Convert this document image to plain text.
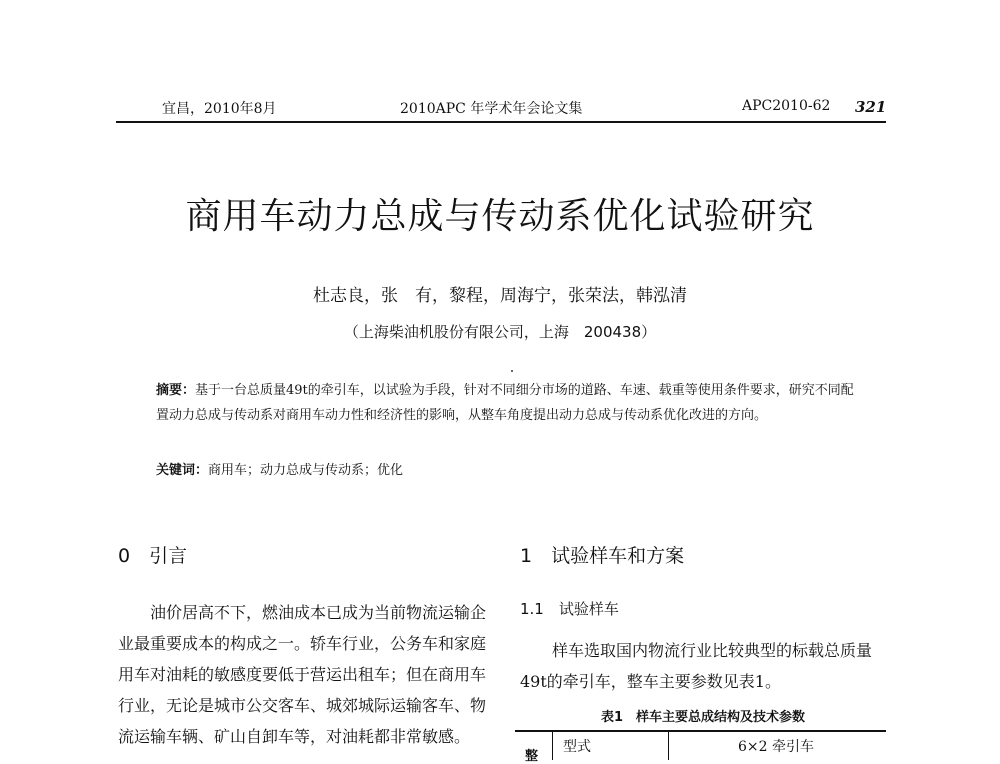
宜昌，2010年8月	2010APC 年学术年会论文集	APC2010-62 321
商用车动力总成与传动系优化试验研究
杜志良，张　有，黎程，周海宁，张荣法，韩泓清
（上海柴油机股份有限公司，上海　200438）
摘要：基于一台总质量49t的牵引车，以试验为手段，针对不同细分市场的道路、车速、载重等使用条件要求，研究不同配置动力总成与传动系对商用车动力性和经济性的影响，从整车角度提出动力总成与传动系优化改进的方向。
关键词：商用车；动力总成与传动系；优化
0　引言
油价居高不下，燃油成本已成为当前物流运输企业最重要成本的构成之一。轿车行业，公务车和家庭用车对油耗的敏感度要低于营运出租车；但在商用车行业，无论是城市公交客车、城郊城际运输客车、物流运输车辆、矿山自卸车等，对油耗都非常敏感。
1　试验样车和方案
1.1　试验样车
样车选取国内物流行业比较典型的标载总质量49t的牵引车，整车主要参数见表1。
表1　样车主要总成结构及技术参数
整
型式	6×2 牵引车
